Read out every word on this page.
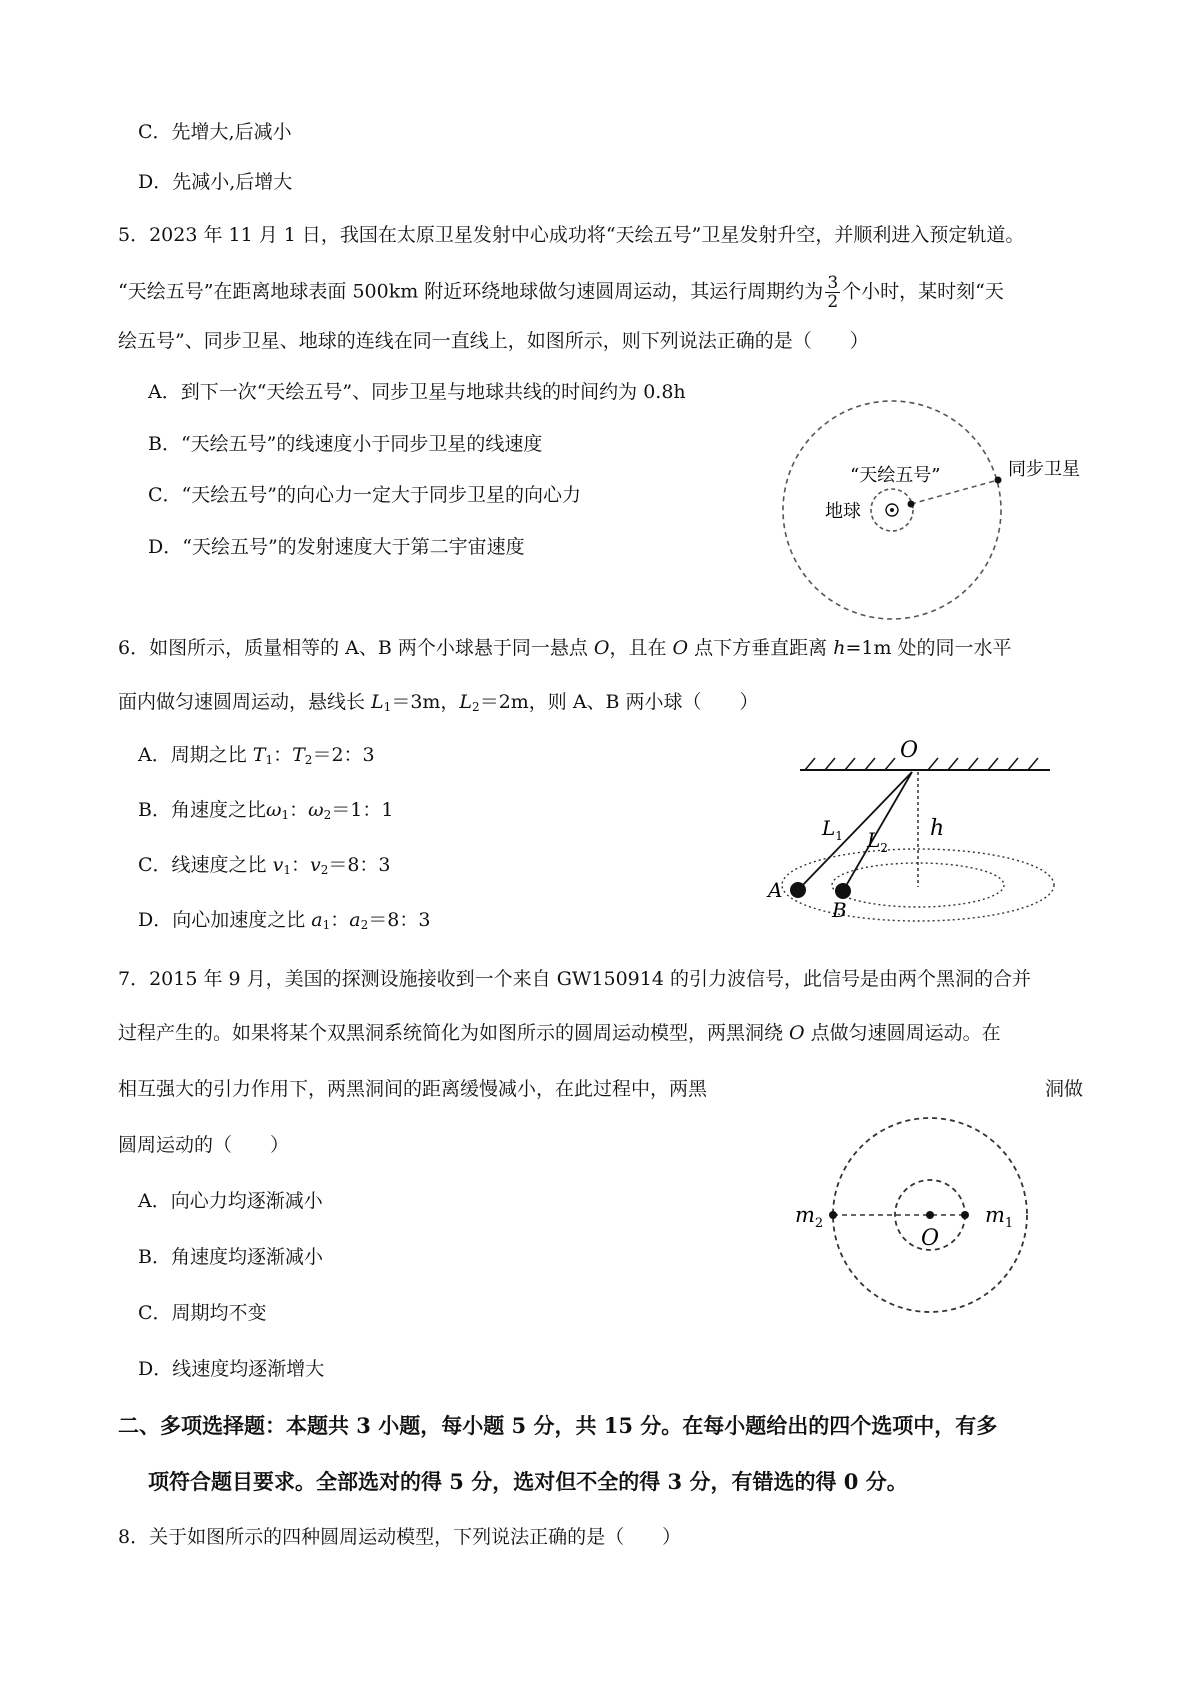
C．先增大,后减小
D．先减小,后增大
5．2023 年 11 月 1 日，我国在太原卫星发射中心成功将“天绘五号”卫星发射升空，并顺利进入预定轨道。
“天绘五号”在距离地球表面 500km 附近环绕地球做匀速圆周运动，其运行周期约为 $\frac{3}{2}$ 个小时，某时刻“天
绘五号”、同步卫星、地球的连线在同一直线上，如图所示，则下列说法正确的是（　　）
A．到下一次“天绘五号”、同步卫星与地球共线的时间约为 0.8h
B．“天绘五号”的线速度小于同步卫星的线速度
C．“天绘五号”的向心力一定大于同步卫星的向心力
D．“天绘五号”的发射速度大于第二宇宙速度
“天绘五号”	同步卫星
地球
6．如图所示，质量相等的 A、B 两个小球悬于同一悬点 O，且在 O 点下方垂直距离 h=1m 处的同一水平
面内做匀速圆周运动，悬线长 $L_1=3m$，$L_2=2m$，则 A、B 两小球（　　）
A．周期之比 $T_1$：$T_2=2$：3
B．角速度之比$\omega_1$：$\omega_2=1$：1
C．线速度之比 $v_1$：$v_2=8$：3
D．向心加速度之比 $a_1$：$a_2=8$：3
O
$L_1$ $L_2$
h
A
B
7．2015 年 9 月，美国的探测设施接收到一个来自 GW150914 的引力波信号，此信号是由两个黑洞的合并
过程产生的。如果将某个双黑洞系统简化为如图所示的圆周运动模型，两黑洞绕 O 点做匀速圆周运动。在
相互强大的引力作用下，两黑洞间的距离缓慢减小，在此过程中，两黑	洞做
圆周运动的（　　）
A．向心力均逐渐减小
B．角速度均逐渐减小
C．周期均不变
D．线速度均逐渐增大
$m_2$	$m_1$
O
二、多项选择题：本题共 3 小题，每小题 5 分，共 15 分。在每小题给出的四个选项中，有多
项符合题目要求。全部选对的得 5 分，选对但不全的得 3 分，有错选的得 0 分。
8．关于如图所示的四种圆周运动模型，下列说法正确的是（　　）
